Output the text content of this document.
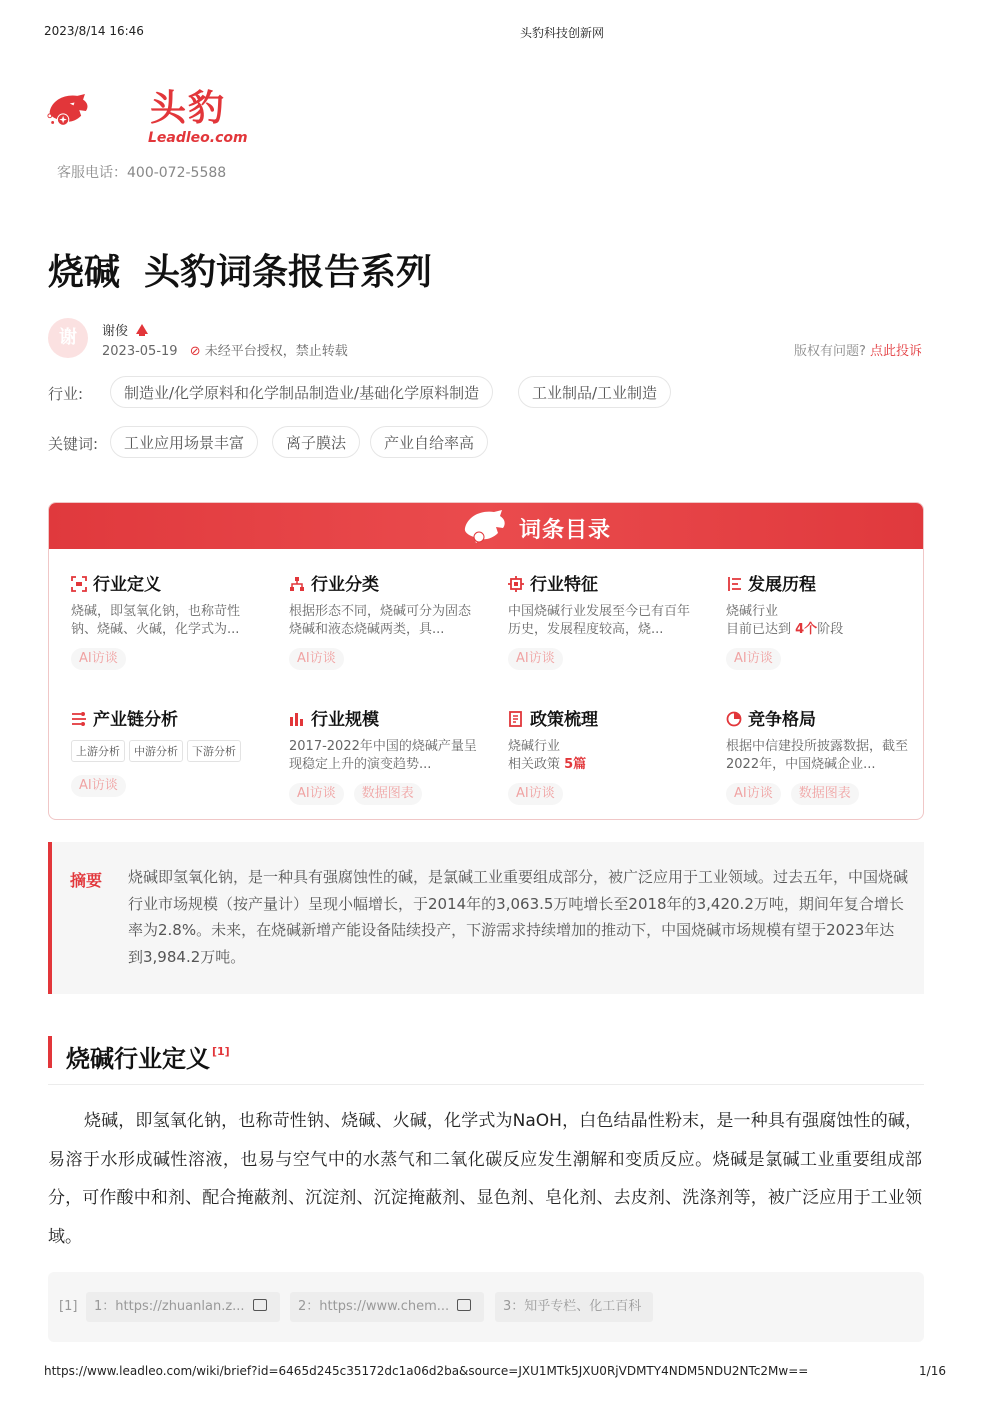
2023/8/14 16:46	头豹科技创新网
https://www.leadleo.com/wiki/brief?id=6465d245c35172dc1a06d2ba&source=JXU1MTk5JXU0RjVDMTY4NDM5NDU2NTc2Mw==	1/16
头豹
Leadleo.com
客服电话：400-072-5588
烧碱 头豹词条报告系列
谢	谢俊
2023-05-19 ⊘ 未经平台授权，禁止转载	版权有问题? 点此投诉
行业:	制造业/化学原料和化学制品制造业/基础化学原料制造	工业制品/工业制造
关键词:	工业应用场景丰富	离子膜法	产业自给率高
词条目录
行业定义
烧碱，即氢氧化钠，也称苛性钠、烧碱、火碱，化学式为...
AI访谈
行业分类
根据形态不同，烧碱可分为固态烧碱和液态烧碱两类，具...
AI访谈
行业特征
中国烧碱行业发展至今已有百年历史，发展程度较高，烧...
AI访谈
发展历程
烧碱行业
目前已达到 4个阶段
AI访谈
产业链分析
上游分析 中游分析 下游分析
AI访谈
行业规模
2017-2022年中国的烧碱产量呈现稳定上升的演变趋势...
AI访谈 数据图表
政策梳理
烧碱行业
相关政策 5篇
AI访谈
竞争格局
根据中信建投所披露数据，截至2022年，中国烧碱企业...
AI访谈 数据图表
摘要 烧碱即氢氧化钠，是一种具有强腐蚀性的碱，是氯碱工业重要组成部分，被广泛应用于工业领域。过去五年，中国烧碱行业市场规模（按产量计）呈现小幅增长，于2014年的3,063.5万吨增长至2018年的3,420.2万吨，期间年复合增长率为2.8%。未来，在烧碱新增产能设备陆续投产，下游需求持续增加的推动下，中国烧碱市场规模有望于2023年达到3,984.2万吨。
烧碱行业定义 [1]
烧碱，即氢氧化钠，也称苛性钠、烧碱、火碱，化学式为NaOH，白色结晶性粉末，是一种具有强腐蚀性的碱，易溶于水形成碱性溶液，也易与空气中的水蒸气和二氧化碳反应发生潮解和变质反应。烧碱是氯碱工业重要组成部分，可作酸中和剂、配合掩蔽剂、沉淀剂、沉淀掩蔽剂、显色剂、皂化剂、去皮剂、洗涤剂等，被广泛应用于工业领域。
[1]	1：https://zhuanlan.z...	2：https://www.chem...	3：知乎专栏、化工百科
